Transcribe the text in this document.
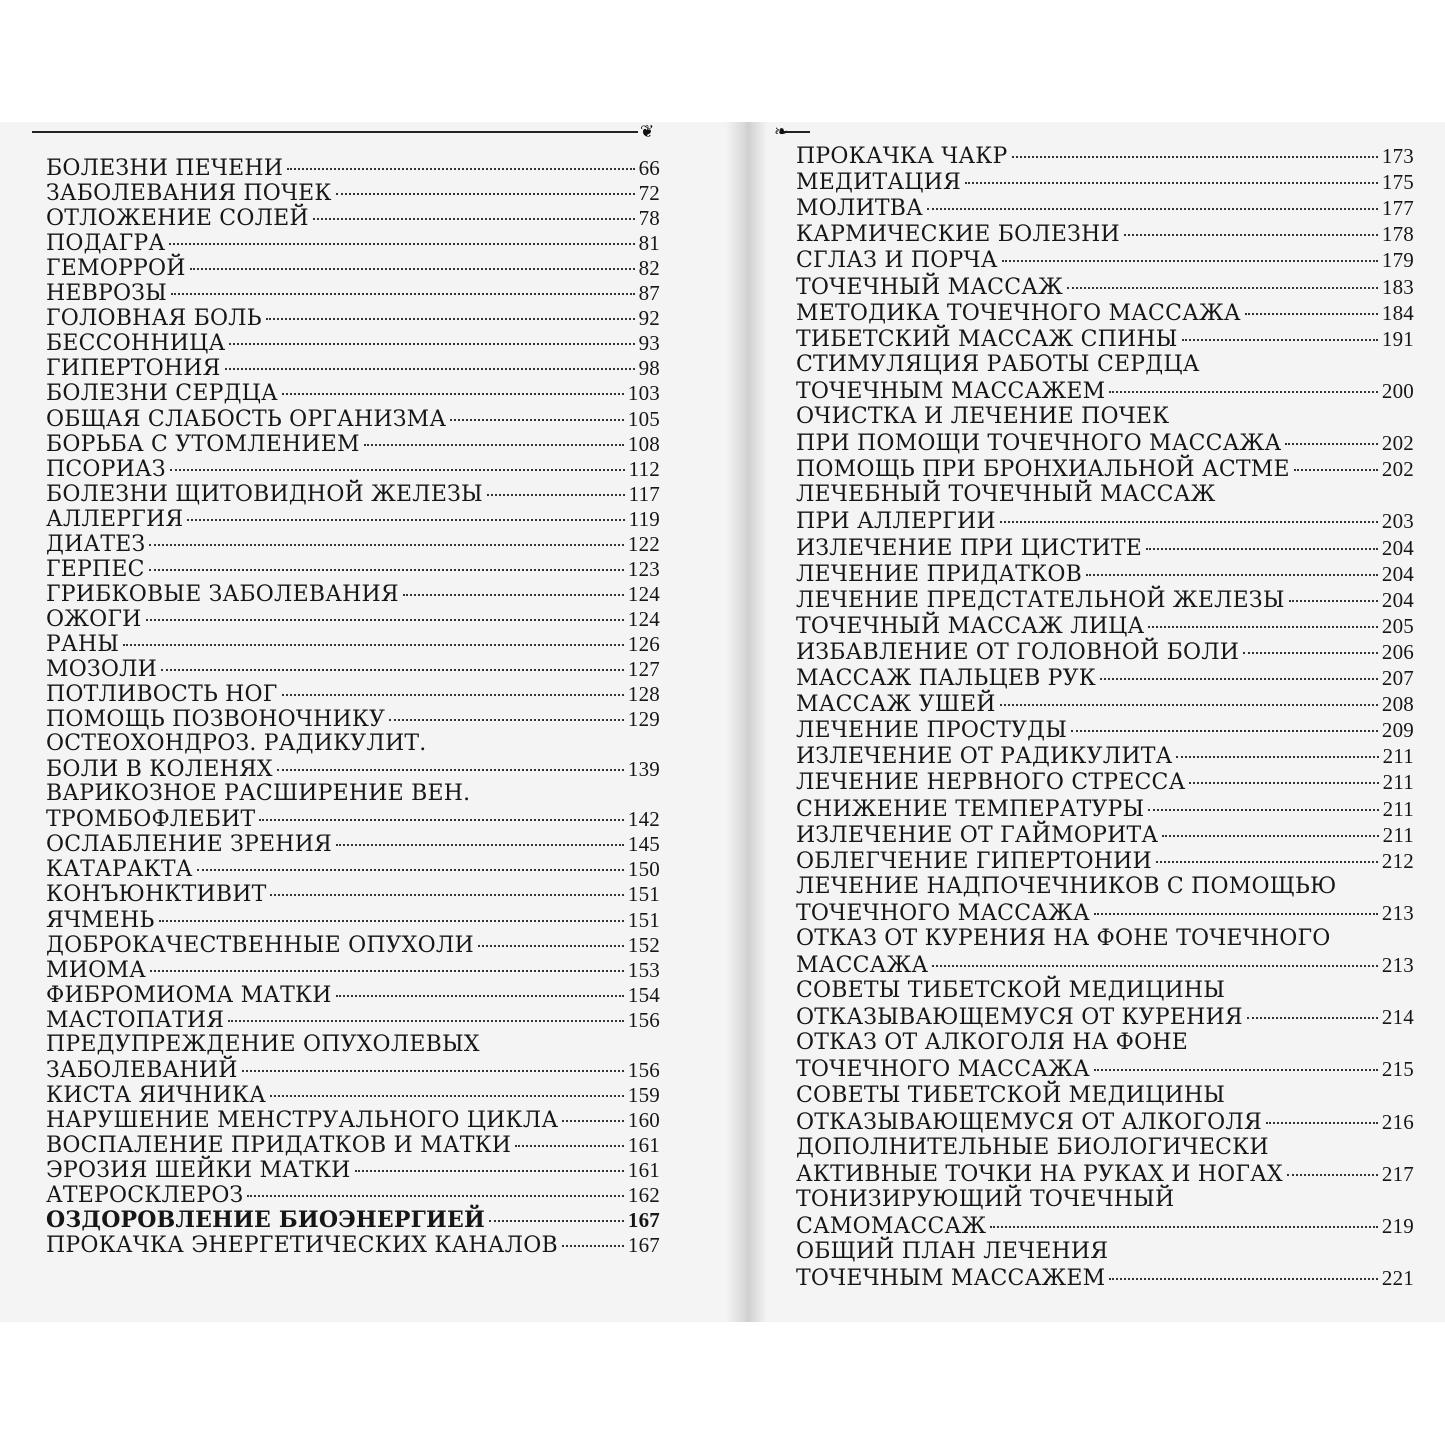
❦
БОЛЕЗНИ ПЕЧЕНИ	66
ЗАБОЛЕВАНИЯ ПОЧЕК	72
ОТЛОЖЕНИЕ СОЛЕЙ	78
ПОДАГРА	81
ГЕМОРРОЙ	82
НЕВРОЗЫ	87
ГОЛОВНАЯ БОЛЬ	92
БЕССОННИЦА	93
ГИПЕРТОНИЯ	98
БОЛЕЗНИ СЕРДЦА	103
ОБЩАЯ СЛАБОСТЬ ОРГАНИЗМА	105
БОРЬБА С УТОМЛЕНИЕМ	108
ПСОРИАЗ	112
БОЛЕЗНИ ЩИТОВИДНОЙ ЖЕЛЕЗЫ	117
АЛЛЕРГИЯ	119
ДИАТЕЗ	122
ГЕРПЕС	123
ГРИБКОВЫЕ ЗАБОЛЕВАНИЯ	124
ОЖОГИ	124
РАНЫ	126
МОЗОЛИ	127
ПОТЛИВОСТЬ НОГ	128
ПОМОЩЬ ПОЗВОНОЧНИКУ	129
ОСТЕОХОНДРОЗ. РАДИКУЛИТ.
БОЛИ В КОЛЕНЯХ	139
ВАРИКОЗНОЕ РАСШИРЕНИЕ ВЕН.
ТРОМБОФЛЕБИТ	142
ОСЛАБЛЕНИЕ ЗРЕНИЯ	145
КАТАРАКТА	150
КОНЪЮНКТИВИТ	151
ЯЧМЕНЬ	151
ДОБРОКАЧЕСТВЕННЫЕ ОПУХОЛИ	152
МИОМА	153
ФИБРОМИОМА МАТКИ	154
МАСТОПАТИЯ	156
ПРЕДУПРЕЖДЕНИЕ ОПУХОЛЕВЫХ
ЗАБОЛЕВАНИЙ	156
КИСТА ЯИЧНИКА	159
НАРУШЕНИЕ МЕНСТРУАЛЬНОГО ЦИКЛА	160
ВОСПАЛЕНИЕ ПРИДАТКОВ И МАТКИ	161
ЭРОЗИЯ ШЕЙКИ МАТКИ	161
АТЕРОСКЛЕРОЗ	162
ОЗДОРОВЛЕНИЕ БИОЭНЕРГИЕЙ	167
ПРОКАЧКА ЭНЕРГЕТИЧЕСКИХ КАНАЛОВ	167
❧
ПРОКАЧКА ЧАКР	173
МЕДИТАЦИЯ	175
МОЛИТВА	177
КАРМИЧЕСКИЕ БОЛЕЗНИ	178
СГЛАЗ И ПОРЧА	179
ТОЧЕЧНЫЙ МАССАЖ	183
МЕТОДИКА ТОЧЕЧНОГО МАССАЖА	184
ТИБЕТСКИЙ МАССАЖ СПИНЫ	191
СТИМУЛЯЦИЯ РАБОТЫ СЕРДЦА
ТОЧЕЧНЫМ МАССАЖЕМ	200
ОЧИСТКА И ЛЕЧЕНИЕ ПОЧЕК
ПРИ ПОМОЩИ ТОЧЕЧНОГО МАССАЖА	202
ПОМОЩЬ ПРИ БРОНХИАЛЬНОЙ АСТМЕ	202
ЛЕЧЕБНЫЙ ТОЧЕЧНЫЙ МАССАЖ
ПРИ АЛЛЕРГИИ	203
ИЗЛЕЧЕНИЕ ПРИ ЦИСТИТЕ	204
ЛЕЧЕНИЕ ПРИДАТКОВ	204
ЛЕЧЕНИЕ ПРЕДСТАТЕЛЬНОЙ ЖЕЛЕЗЫ	204
ТОЧЕЧНЫЙ МАССАЖ ЛИЦА	205
ИЗБАВЛЕНИЕ ОТ ГОЛОВНОЙ БОЛИ	206
МАССАЖ ПАЛЬЦЕВ РУК	207
МАССАЖ УШЕЙ	208
ЛЕЧЕНИЕ ПРОСТУДЫ	209
ИЗЛЕЧЕНИЕ ОТ РАДИКУЛИТА	211
ЛЕЧЕНИЕ НЕРВНОГО СТРЕССА	211
СНИЖЕНИЕ ТЕМПЕРАТУРЫ	211
ИЗЛЕЧЕНИЕ ОТ ГАЙМОРИТА	211
ОБЛЕГЧЕНИЕ ГИПЕРТОНИИ	212
ЛЕЧЕНИЕ НАДПОЧЕЧНИКОВ С ПОМОЩЬЮ
ТОЧЕЧНОГО МАССАЖА	213
ОТКАЗ ОТ КУРЕНИЯ НА ФОНЕ ТОЧЕЧНОГО
МАССАЖА	213
СОВЕТЫ ТИБЕТСКОЙ МЕДИЦИНЫ
ОТКАЗЫВАЮЩЕМУСЯ ОТ КУРЕНИЯ	214
ОТКАЗ ОТ АЛКОГОЛЯ НА ФОНЕ
ТОЧЕЧНОГО МАССАЖА	215
СОВЕТЫ ТИБЕТСКОЙ МЕДИЦИНЫ
ОТКАЗЫВАЮЩЕМУСЯ ОТ АЛКОГОЛЯ	216
ДОПОЛНИТЕЛЬНЫЕ БИОЛОГИЧЕСКИ
АКТИВНЫЕ ТОЧКИ НА РУКАХ И НОГАХ	217
ТОНИЗИРУЮЩИЙ ТОЧЕЧНЫЙ
САМОМАССАЖ	219
ОБЩИЙ ПЛАН ЛЕЧЕНИЯ
ТОЧЕЧНЫМ МАССАЖЕМ	221
